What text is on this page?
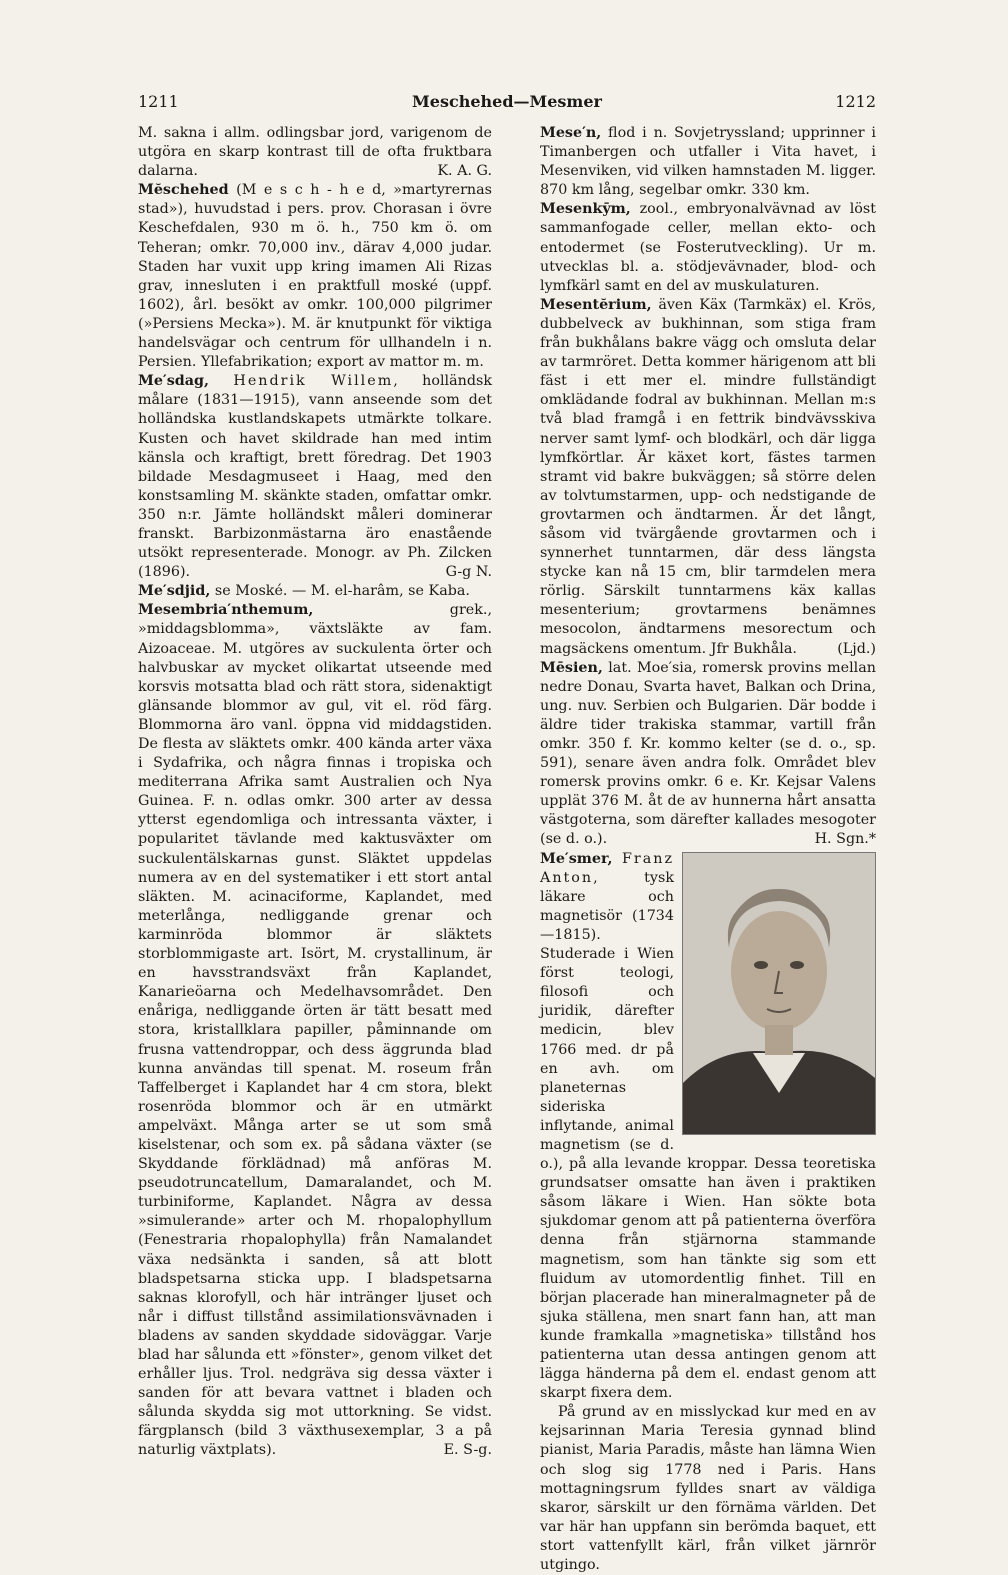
1211	Meschehed—Mesmer	1212
M. sakna i allm. odlingsbar jord, varigenom de utgöra en skarp kontrast till de ofta fruktbara dalarna.	K. A. G.
Mĕschehed (M e s c h - h e d, »martyrernas stad»), huvudstad i pers. prov. Chorasan i övre Keschefdalen, 930 m ö. h., 750 km ö. om Teheran; omkr. 70,000 inv., därav 4,000 judar. Staden har vuxit upp kring imamen Ali Rizas grav, innesluten i en praktfull moské (uppf. 1602), årl. besökt av omkr. 100,000 pilgrimer (»Persiens Mecka»). M. är knutpunkt för viktiga handelsvägar och centrum för ullhandeln i n. Persien. Yllefabrikation; export av mattor m. m.
Me′sdag, Hendrik Willem, holländsk målare (1831—1915), vann anseende som det holländska kustlandskapets utmärkte tolkare. Kusten och havet skildrade han med intim känsla och kraftigt, brett föredrag. Det 1903 bildade Mesdagmuseet i Haag, med den konstsamling M. skänkte staden, omfattar omkr. 350 n:r. Jämte holländskt måleri dominerar franskt. Barbizonmästarna äro enastående utsökt representerade. Monogr. av Ph. Zilcken (1896).	G-g N.
Me′sdjid, se Moské. — M. el-harâm, se Kaba.
Mesembria′nthemum, grek., »middagsblomma», växtsläkte av fam. Aizoaceae. M. utgöres av suckulenta örter och halvbuskar av mycket olikartat utseende med korsvis motsatta blad och rätt stora, sidenaktigt glänsande blommor av gul, vit el. röd färg. Blommorna äro vanl. öppna vid middagstiden. De flesta av släktets omkr. 400 kända arter växa i Sydafrika, och några finnas i tropiska och mediterrana Afrika samt Australien och Nya Guinea. F. n. odlas omkr. 300 arter av dessa ytterst egendomliga och intressanta växter, i popularitet tävlande med kaktusväxter om suckulentälskarnas gunst. Släktet uppdelas numera av en del systematiker i ett stort antal släkten. M. acinaciforme, Kaplandet, med meterlånga, nedliggande grenar och karminröda blommor är släktets storblommigaste art. Isört, M. crystallinum, är en havsstrandsväxt från Kaplandet, Kanarieöarna och Medelhavsområdet. Den enåriga, nedliggande örten är tätt besatt med stora, kristallklara papiller, påminnande om frusna vattendroppar, och dess äggrunda blad kunna användas till spenat. M. roseum från Taffelberget i Kaplandet har 4 cm stora, blekt rosenröda blommor och är en utmärkt ampelväxt. Många arter se ut som små kiselstenar, och som ex. på sådana växter (se Skyddande förklädnad) må anföras M. pseudotruncatellum, Damaralandet, och M. turbiniforme, Kaplandet. Några av dessa »simulerande» arter och M. rhopalophyllum (Fenestraria rhopalophylla) från Namalandet växa nedsänkta i sanden, så att blott bladspetsarna sticka upp. I bladspetsarna saknas klorofyll, och här intränger ljuset och når i diffust tillstånd assimilationsvävnaden i bladens av sanden skyddade sidoväggar. Varje blad har sålunda ett »fönster», genom vilket det erhåller ljus. Trol. nedgräva sig dessa växter i sanden för att bevara vattnet i bladen och sålunda skydda sig mot uttorkning. Se vidst. färgplansch (bild 3 växthusexemplar, 3 a på naturlig växtplats).	E. S-g.
Mese′n, flod i n. Sovjetryssland; upprinner i Timanbergen och utfaller i Vita havet, i Mesenviken, vid vilken hamnstaden M. ligger. 870 km lång, segelbar omkr. 330 km.
Mesenkȳm, zool., embryonalvävnad av löst sammanfogade celler, mellan ekto- och entodermet (se Fosterutveckling). Ur m. utvecklas bl. a. stödjevävnader, blod- och lymfkärl samt en del av muskulaturen.
Mesentĕrium, även Käx (Tarmkäx) el. Krös, dubbelveck av bukhinnan, som stiga fram från bukhålans bakre vägg och omsluta delar av tarmröret. Detta kommer härigenom att bli fäst i ett mer el. mindre fullständigt omklädande fodral av bukhinnan. Mellan m:s två blad framgå i en fettrik bindvävsskiva nerver samt lymf- och blodkärl, och där ligga lymfkörtlar. Är käxet kort, fästes tarmen stramt vid bakre bukväggen; så större delen av tolvtumstarmen, upp- och nedstigande de grovtarmen och ändtarmen. Är det långt, såsom vid tvärgående grovtarmen och i synnerhet tunntarmen, där dess längsta stycke kan nå 15 cm, blir tarmdelen mera rörlig. Särskilt tunntarmens käx kallas mesenterium; grovtarmens benämnes mesocolon, ändtarmens mesorectum och magsäckens omentum. Jfr Bukhåla.	(Ljd.)
Mēsien, lat. Moe′sia, romersk provins mellan nedre Donau, Svarta havet, Balkan och Drina, ung. nuv. Serbien och Bulgarien. Där bodde i äldre tider trakiska stammar, vartill från omkr. 350 f. Kr. kommo kelter (se d. o., sp. 591), senare även andra folk. Området blev romersk provins omkr. 6 e. Kr. Kejsar Valens upplät 376 M. åt de av hunnerna hårt ansatta västgoterna, som därefter kallades mesogoter (se d. o.).	H. Sgn.*
Me′smer, Franz Anton, tysk läkare och magnetisör (1734—1815). Studerade i Wien först teologi, filosofi och juridik, därefter medicin, blev 1766 med. dr på en avh. om planeternas sideriska inflytande, animal magnetism (se d. o.), på alla levande kroppar. Dessa teoretiska grundsatser omsatte han även i praktiken såsom läkare i Wien. Han sökte bota sjukdomar genom att på patienterna överföra denna från stjärnorna stammande magnetism, som han tänkte sig som ett fluidum av utomordentlig finhet. Till en början placerade han mineralmagneter på de sjuka ställena, men snart fann han, att man kunde framkalla »magnetiska» tillstånd hos patienterna utan dessa antingen genom att lägga händerna på dem el. endast genom att skarpt fixera dem.

På grund av en misslyckad kur med en av kejsarinnan Maria Teresia gynnad blind pianist, Maria Paradis, måste han lämna Wien och slog sig 1778 ned i Paris. Hans mottagningsrum fylldes snart av väldiga skaror, särskilt ur den förnäma världen. Det var här han uppfann sin berömda baquet, ett stort vattenfyllt kärl, från vilket järnrör utgingo.
